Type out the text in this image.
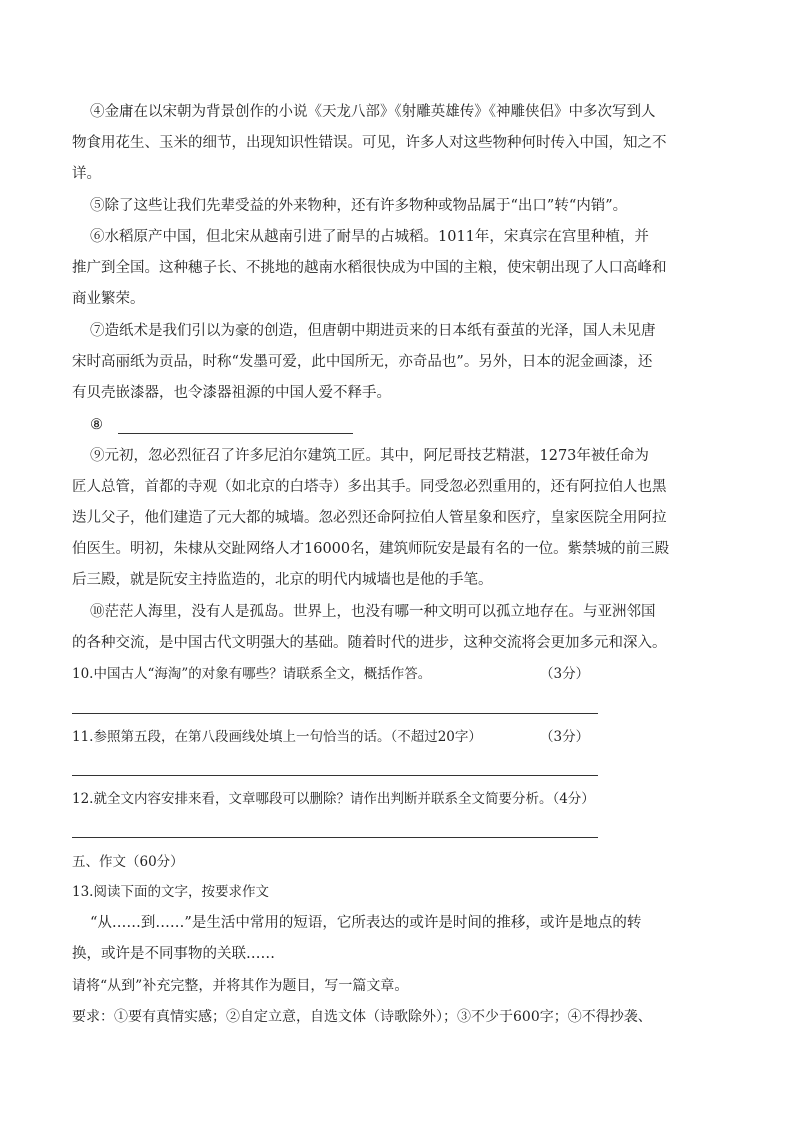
④金庸在以宋朝为背景创作的小说《天龙八部》《射雕英雄传》《神雕侠侣》中多次写到人
物食用花生、玉米的细节，出现知识性错误。可见，许多人对这些物种何时传入中国，知之不
详。
⑤除了这些让我们先辈受益的外来物种，还有许多物种或物品属于“出口”转“内销”。
⑥水稻原产中国，但北宋从越南引进了耐旱的占城稻。1011年，宋真宗在宫里种植，并
推广到全国。这种穗子长、不挑地的越南水稻很快成为中国的主粮，使宋朝出现了人口高峰和
商业繁荣。
⑦造纸术是我们引以为豪的创造，但唐朝中期进贡来的日本纸有蚕茧的光泽，国人未见唐
宋时高丽纸为贡品，时称“发墨可爱，此中国所无，亦奇品也”。另外，日本的泥金画漆，还
有贝壳嵌漆器，也令漆器祖源的中国人爱不释手。
⑧
⑨元初，忽必烈征召了许多尼泊尔建筑工匠。其中，阿尼哥技艺精湛，1273年被任命为
匠人总管，首都的寺观（如北京的白塔寺）多出其手。同受忽必烈重用的，还有阿拉伯人也黑
迭儿父子，他们建造了元大都的城墙。忽必烈还命阿拉伯人管星象和医疗，皇家医院全用阿拉
伯医生。明初，朱棣从交趾网络人才16000名，建筑师阮安是最有名的一位。紫禁城的前三殿
后三殿，就是阮安主持监造的，北京的明代内城墙也是他的手笔。
⑩茫茫人海里，没有人是孤岛。世界上，也没有哪一种文明可以孤立地存在。与亚洲邻国
的各种交流，是中国古代文明强大的基础。随着时代的进步，这种交流将会更加多元和深入。
10.中国古人“海淘”的对象有哪些？请联系全文，概括作答。	（3分）
11.参照第五段，在第八段画线处填上一句恰当的话。（不超过20字）	（3分）
12.就全文内容安排来看，文章哪段可以删除？请作出判断并联系全文简要分析。（4分）
五、作文（60分）
13.阅读下面的文字，按要求作文
“从……到……”是生活中常用的短语，它所表达的或许是时间的推移，或许是地点的转
换，或许是不同事物的关联……
请将“从到”补充完整，并将其作为题目，写一篇文章。
要求：①要有真情实感；②自定立意，自选文体（诗歌除外）；③不少于600字；④不得抄袭、
